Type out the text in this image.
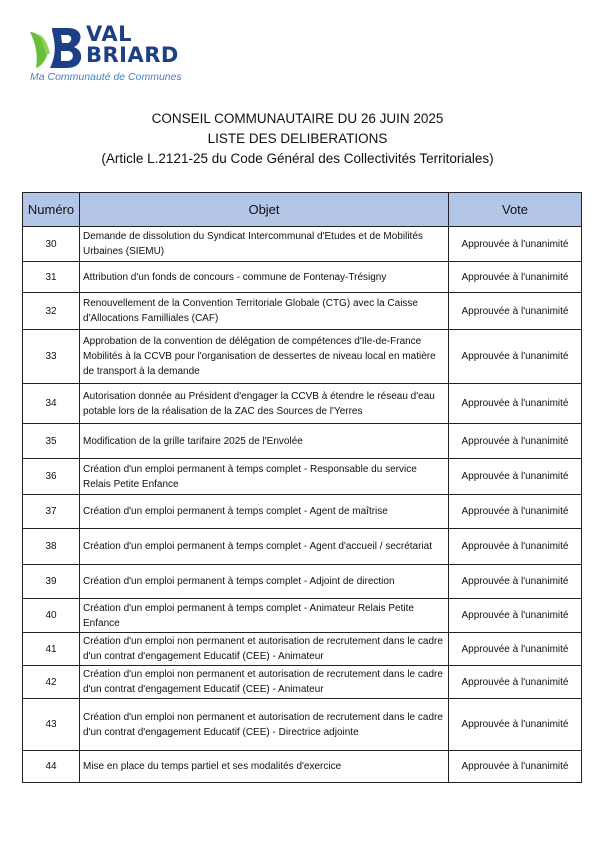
VAL
BRIARD
Ma Communauté de Communes
CONSEIL COMMUNAUTAIRE DU 26 JUIN 2025
LISTE DES DELIBERATIONS
(Article L.2121-25 du Code Général des Collectivités Territoriales)
Numéro	Objet	Vote
30	Demande de dissolution du Syndicat Intercommunal d'Etudes et de Mobilités Urbaines (SIEMU)	Approuvée à l'unanimité
31	Attribution d'un fonds de concours - commune de Fontenay-Trésigny	Approuvée à l'unanimité
32	Renouvellement de la Convention Territoriale Globale (CTG) avec la Caisse d'Allocations Familliales (CAF)	Approuvée à l'unanimité
33	Approbation de la convention de délégation de compétences d'Ile-de-France Mobilités à la CCVB pour l'organisation de dessertes de niveau local en matière de transport à la demande	Approuvée à l'unanimité
34	Autorisation donnée au Président d'engager la CCVB à étendre le réseau d'eau potable lors de la réalisation de la ZAC des Sources de l'Yerres	Approuvée à l'unanimité
35	Modification de la grille tarifaire 2025 de l'Envolée	Approuvée à l'unanimité
36	Création d'un emploi permanent à temps complet - Responsable du service Relais Petite Enfance	Approuvée à l'unanimité
37	Création d'un emploi permanent à temps complet - Agent de maîtrise	Approuvée à l'unanimité
38	Création d'un emploi permanent à temps complet - Agent d'accueil / secrétariat	Approuvée à l'unanimité
39	Création d'un emploi permanent à temps complet - Adjoint de direction	Approuvée à l'unanimité
40	Création d'un emploi permanent à temps complet - Animateur Relais Petite Enfance	Approuvée à l'unanimité
41	Création d'un emploi non permanent et autorisation de recrutement dans le cadre d'un contrat d'engagement Educatif (CEE) - Animateur	Approuvée à l'unanimité
42	Création d'un emploi non permanent et autorisation de recrutement dans le cadre d'un contrat d'engagement Educatif (CEE) - Animateur	Approuvée à l'unanimité
43	Création d'un emploi non permanent et autorisation de recrutement dans le cadre d'un contrat d'engagement Educatif (CEE) - Directrice adjointe	Approuvée à l'unanimité
44	Mise en place du temps partiel et ses modalités d'exercice	Approuvée à l'unanimité
